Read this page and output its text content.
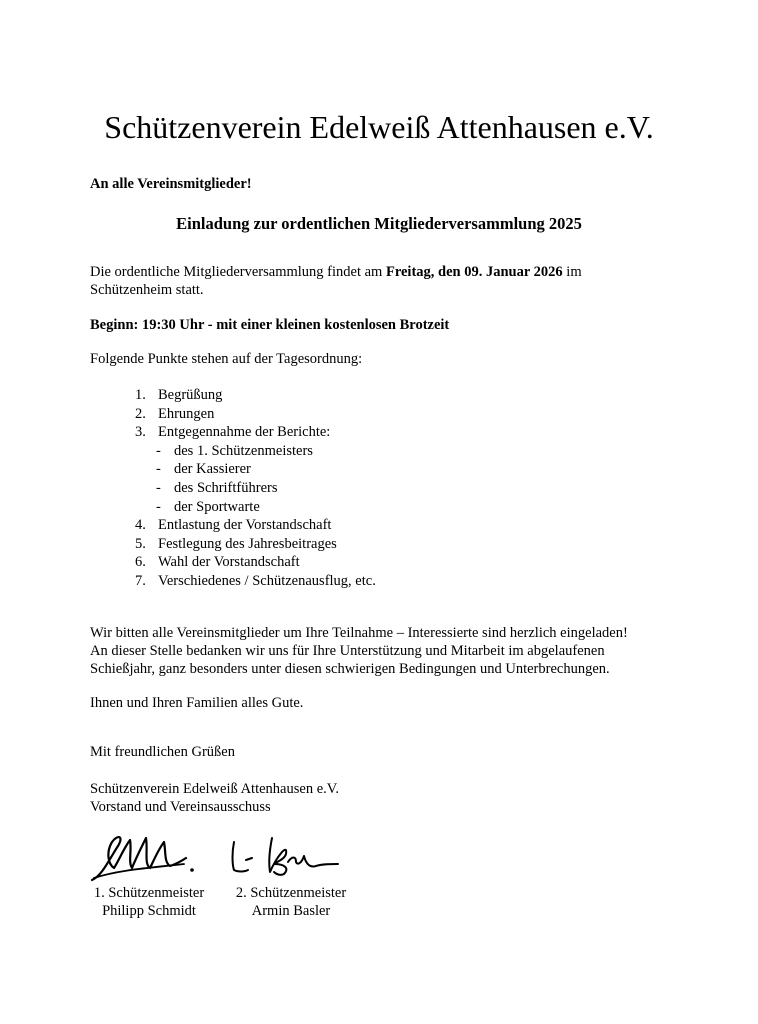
Schützenverein Edelweiß Attenhausen e.V.

An alle Vereinsmitglieder!

Einladung zur ordentlichen Mitgliederversammlung 2025

Die ordentliche Mitgliederversammlung findet am Freitag, den 09. Januar 2026 im

Schützenheim statt.

Beginn: 19:30 Uhr - mit einer kleinen kostenlosen Brotzeit

Folgende Punkte stehen auf der Tagesordnung:

1. Begrüßung
2. Ehrungen
3. Entgegennahme der Berichte:
- des 1. Schützenmeisters
- der Kassierer
- des Schriftführers
- der Sportwarte
4. Entlastung der Vorstandschaft
5. Festlegung des Jahresbeitrages
6. Wahl der Vorstandschaft
7. Verschiedenes / Schützenausflug, etc.

Wir bitten alle Vereinsmitglieder um Ihre Teilnahme – Interessierte sind herzlich eingeladen!

An dieser Stelle bedanken wir uns für Ihre Unterstützung und Mitarbeit im abgelaufenen

Schießjahr, ganz besonders unter diesen schwierigen Bedingungen und Unterbrechungen.

Ihnen und Ihren Familien alles Gute.

Mit freundlichen Grüßen

Schützenverein Edelweiß Attenhausen e.V.

Vorstand und Vereinsausschuss

1. Schützenmeister
Philipp Schmidt
2. Schützenmeister
Armin Basler
